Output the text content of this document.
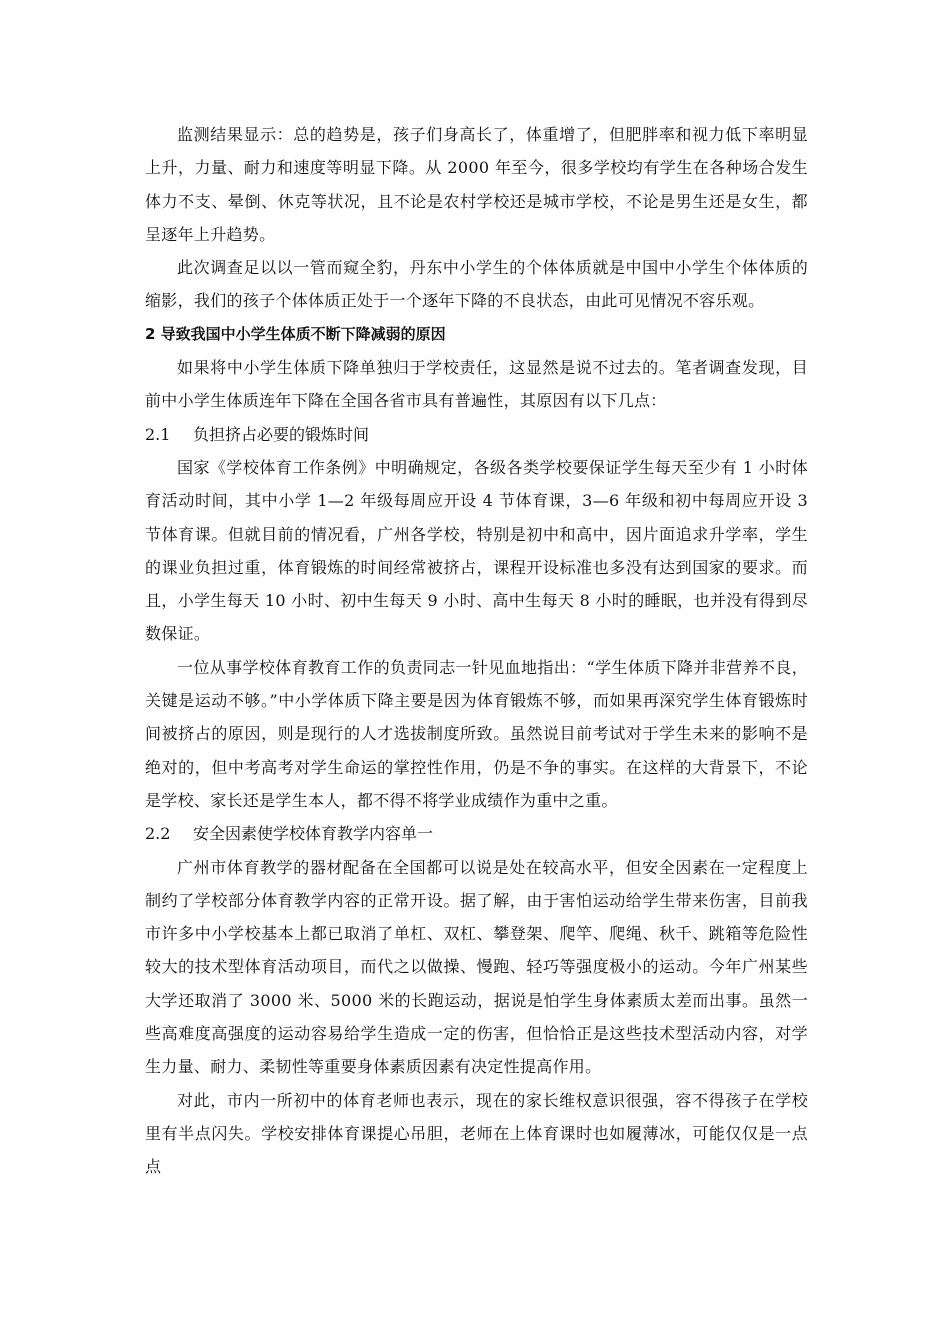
监测结果显示：总的趋势是，孩子们身高长了，体重增了，但肥胖率和视力低下率明显上升，力量、耐力和速度等明显下降。从 2000 年至今，很多学校均有学生在各种场合发生体力不支、晕倒、休克等状况，且不论是农村学校还是城市学校，不论是男生还是女生，都呈逐年上升趋势。

此次调查足以以一管而窥全豹，丹东中小学生的个体体质就是中国中小学生个体体质的缩影，我们的孩子个体体质正处于一个逐年下降的不良状态，由此可见情况不容乐观。

2 导致我国中小学生体质不断下降减弱的原因

如果将中小学生体质下降单独归于学校责任，这显然是说不过去的。笔者调查发现，目前中小学生体质连年下降在全国各省市具有普遍性，其原因有以下几点：

2.1 负担挤占必要的锻炼时间

国家《学校体育工作条例》中明确规定，各级各类学校要保证学生每天至少有 1 小时体育活动时间，其中小学 1—2 年级每周应开设 4 节体育课，3—6 年级和初中每周应开设 3 节体育课。但就目前的情况看，广州各学校，特别是初中和高中，因片面追求升学率，学生的课业负担过重，体育锻炼的时间经常被挤占，课程开设标准也多没有达到国家的要求。而且，小学生每天 10 小时、初中生每天 9 小时、高中生每天 8 小时的睡眠，也并没有得到尽数保证。

一位从事学校体育教育工作的负责同志一针见血地指出：“学生体质下降并非营养不良，关键是运动不够。”中小学体质下降主要是因为体育锻炼不够，而如果再深究学生体育锻炼时间被挤占的原因，则是现行的人才选拔制度所致。虽然说目前考试对于学生未来的影响不是绝对的，但中考高考对学生命运的掌控性作用，仍是不争的事实。在这样的大背景下，不论是学校、家长还是学生本人，都不得不将学业成绩作为重中之重。

2.2 安全因素使学校体育教学内容单一

广州市体育教学的器材配备在全国都可以说是处在较高水平，但安全因素在一定程度上制约了学校部分体育教学内容的正常开设。据了解，由于害怕运动给学生带来伤害，目前我市许多中小学校基本上都已取消了单杠、双杠、攀登架、爬竿、爬绳、秋千、跳箱等危险性较大的技术型体育活动项目，而代之以做操、慢跑、轻巧等强度极小的运动。今年广州某些大学还取消了 3000 米、5000 米的长跑运动，据说是怕学生身体素质太差而出事。虽然一些高难度高强度的运动容易给学生造成一定的伤害，但恰恰正是这些技术型活动内容，对学生力量、耐力、柔韧性等重要身体素质因素有决定性提高作用。

对此，市内一所初中的体育老师也表示，现在的家长维权意识很强，容不得孩子在学校里有半点闪失。学校安排体育课提心吊胆，老师在上体育课时也如履薄冰，可能仅仅是一点点
